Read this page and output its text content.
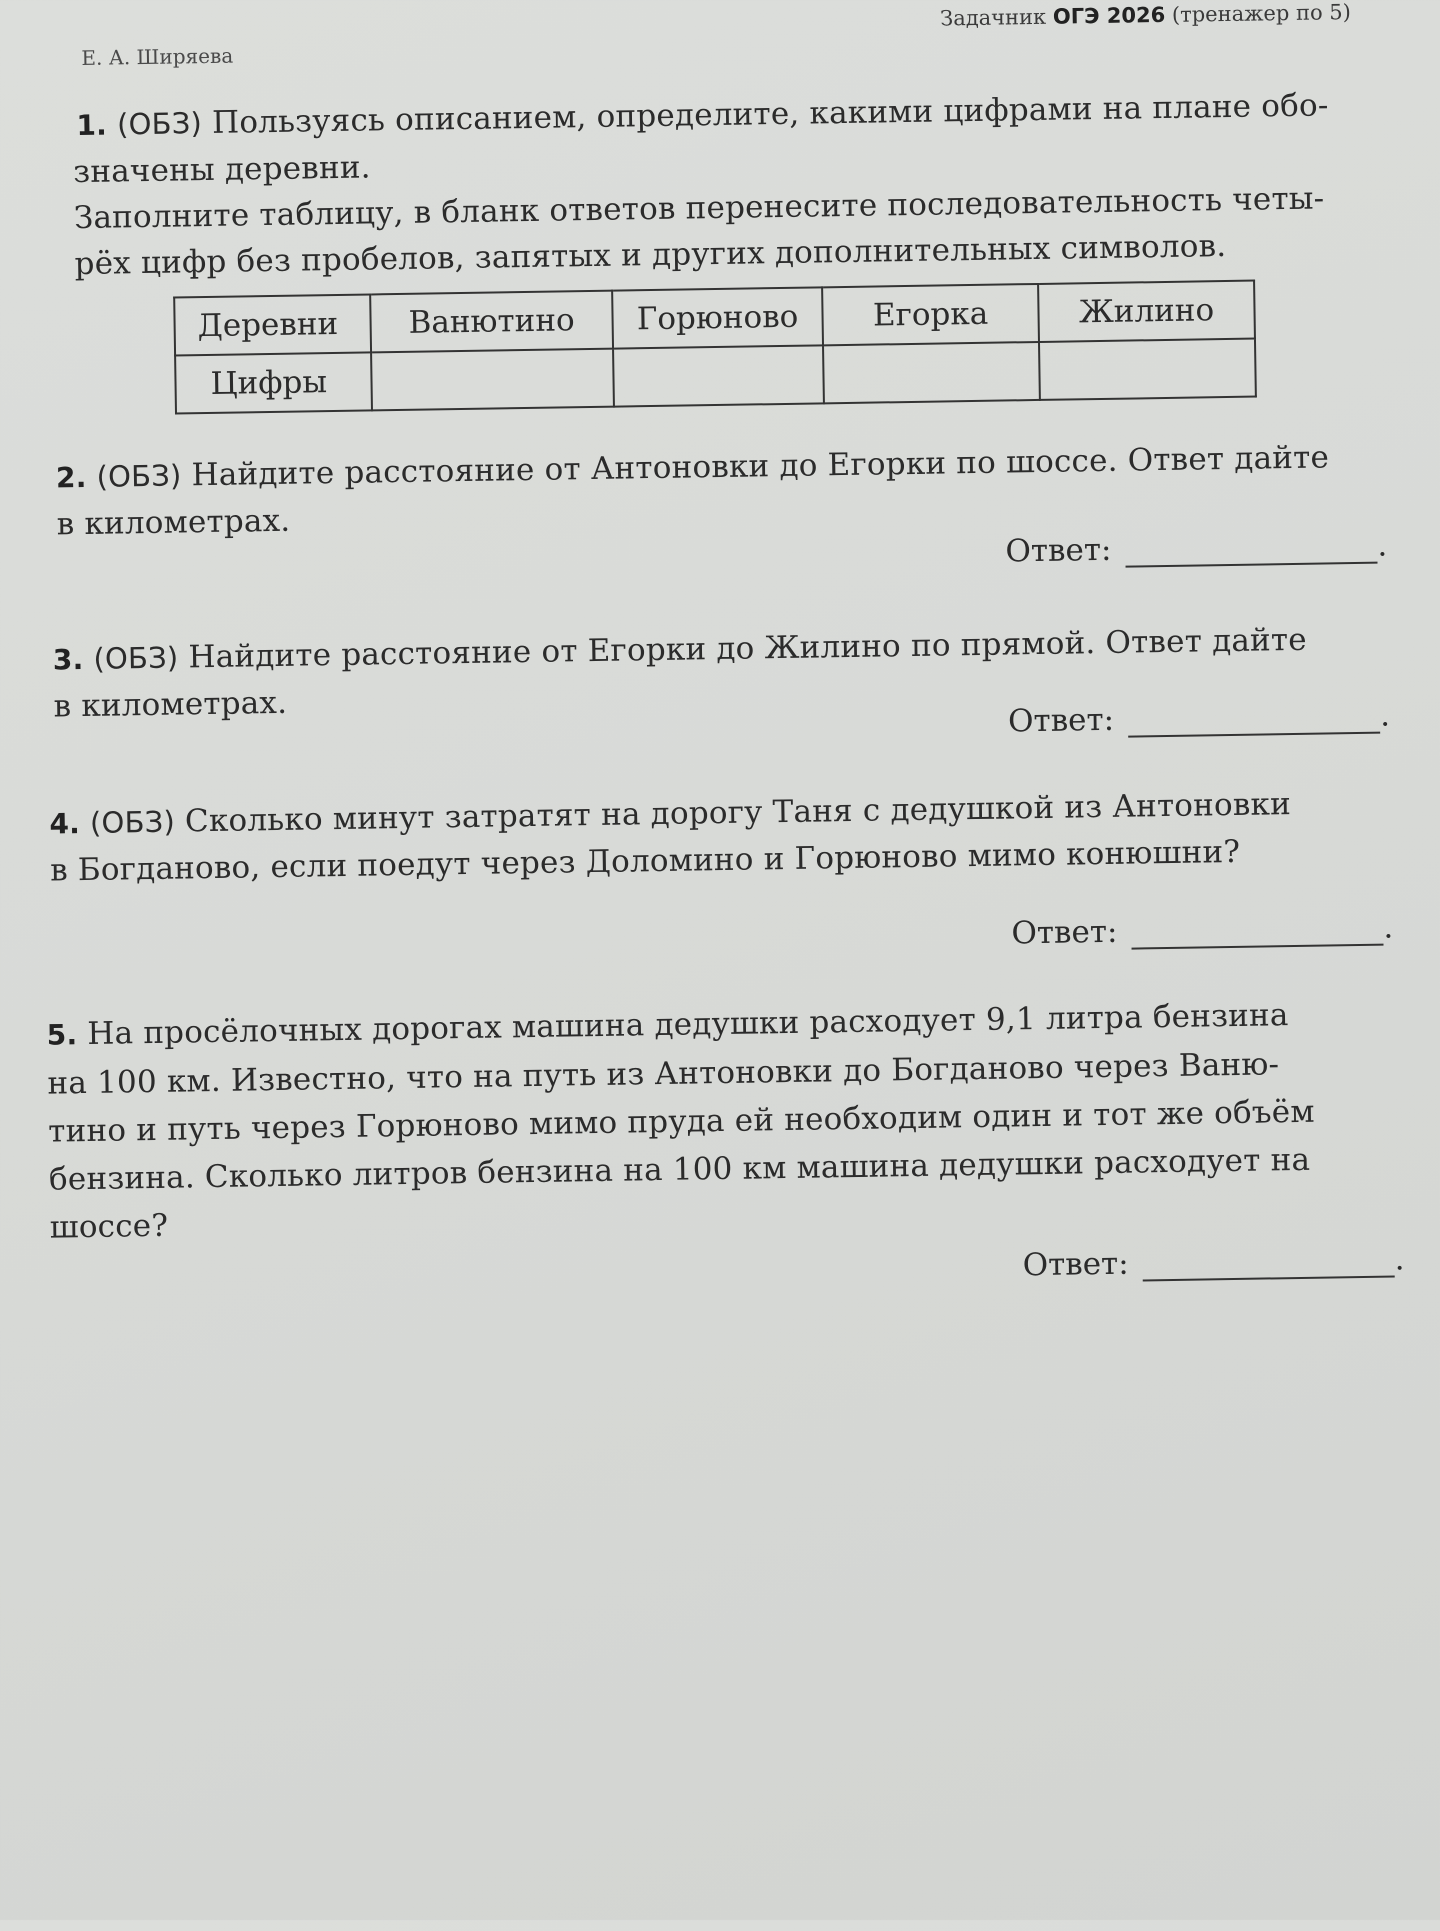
Е. А. Ширяева
Задачник ОГЭ 2026 (тренажер по 5)

1. (ОБЗ) Пользуясь описанием, определите, какими цифрами на плане обо-

значены деревни.

Заполните таблицу, в бланк ответов перенесите последовательность четы-

рёх цифр без пробелов, запятых и других дополнительных символов.

Деревни	Ванютино	Горюново	Егорка	Жилино
Цифры				

2. (ОБЗ) Найдите расстояние от Антоновки до Егорки по шоссе. Ответ дайте

в километрах.

Ответ:	.

3. (ОБЗ) Найдите расстояние от Егорки до Жилино по прямой. Ответ дайте

в километрах.	Ответ:	.

4. (ОБЗ) Сколько минут затратят на дорогу Таня с дедушкой из Антоновки

в Богданово, если поедут через Доломино и Горюново мимо конюшни?

Ответ:	.

5. На просёлочных дорогах машина дедушки расходует 9,1 литра бензина

на 100 км. Известно, что на путь из Антоновки до Богданово через Ваню-

тино и путь через Горюново мимо пруда ей необходим один и тот же объём

бензина. Сколько литров бензина на 100 км машина дедушки расходует на

шоссе?

Ответ:	.
